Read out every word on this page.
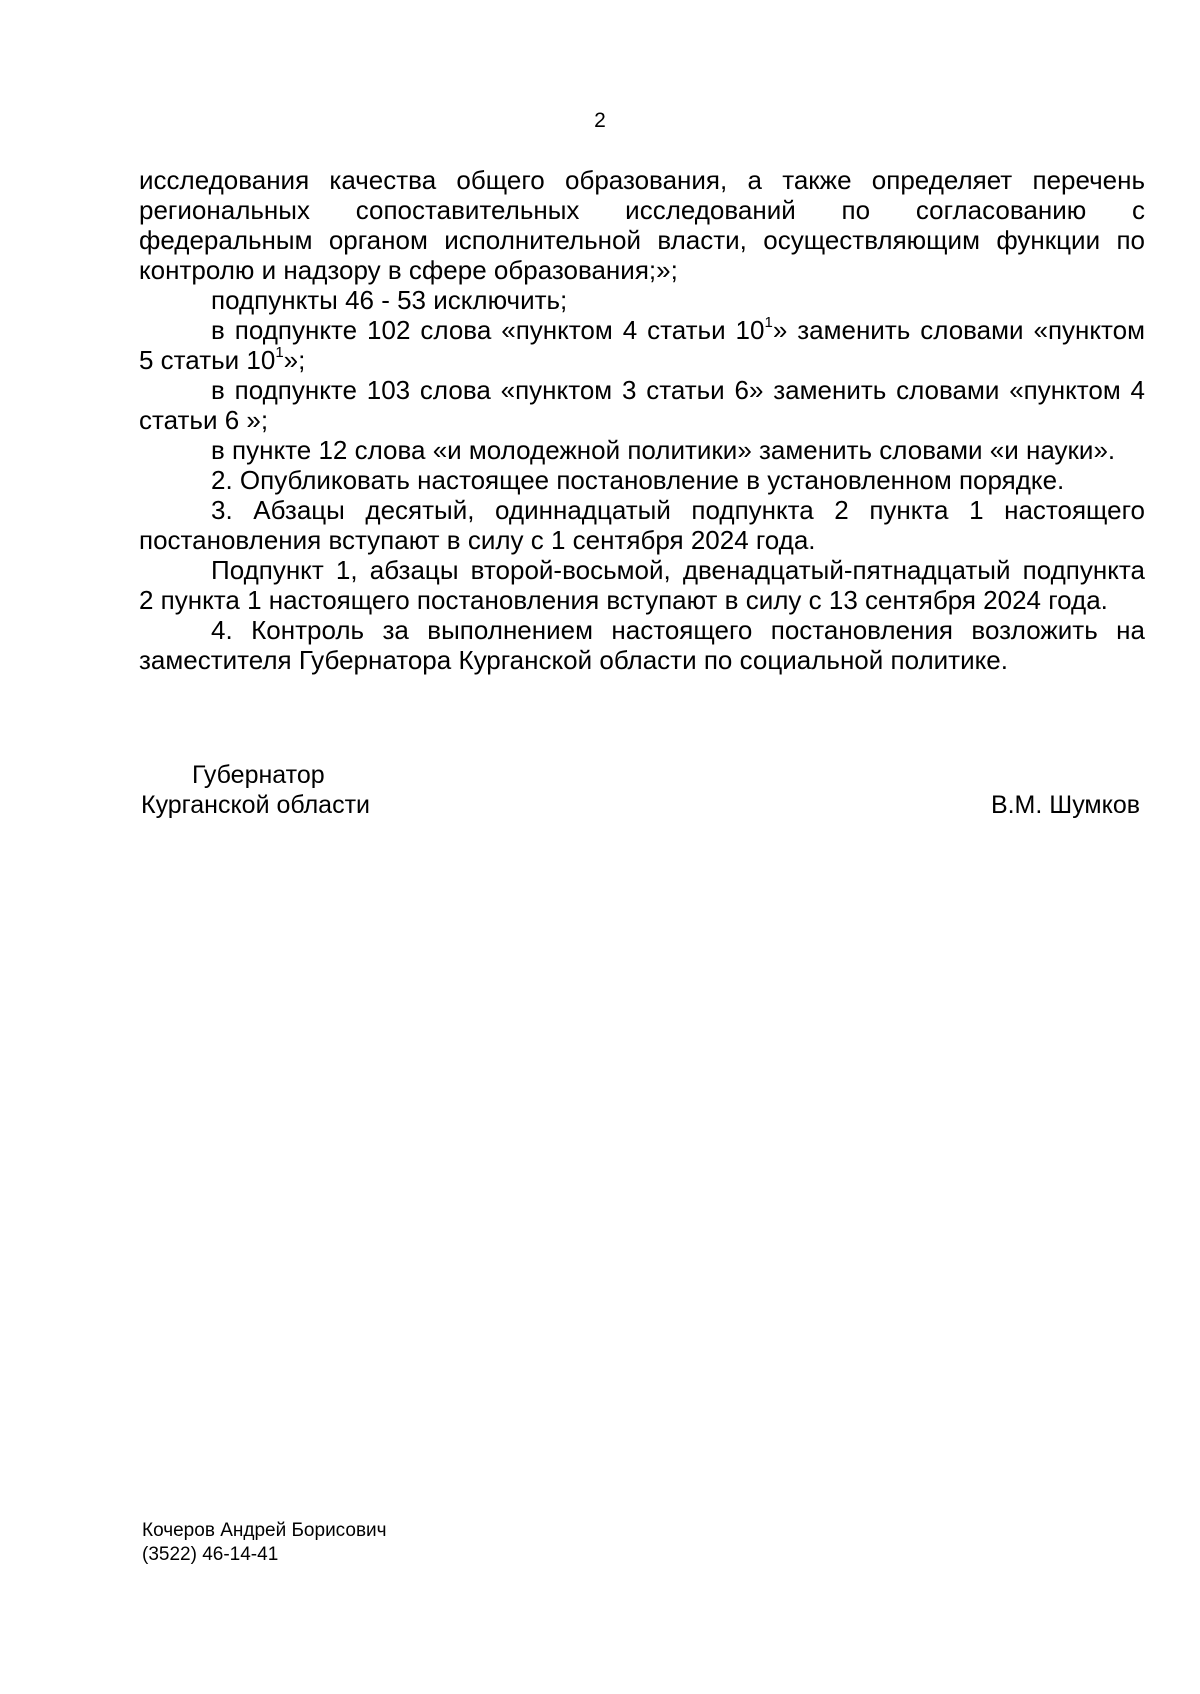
2
исследования качества общего образования, а также определяет перечень
региональных сопоставительных исследований по согласованию с
федеральным органом исполнительной власти, осуществляющим функции по
контролю и надзору в сфере образования;»;
подпункты 46 - 53 исключить;
в подпункте 102 слова «пунктом 4 статьи $10^1$» заменить словами «пунктом
5 статьи $10^1$»;
в подпункте 103 слова «пунктом 3 статьи 6» заменить словами «пунктом 4
статьи 6 »;
в пункте 12 слова «и молодежной политики» заменить словами «и науки».
2. Опубликовать настоящее постановление в установленном порядке.
3. Абзацы десятый, одиннадцатый подпункта 2 пункта 1 настоящего
постановления вступают в силу с 1 сентября 2024 года.
Подпункт 1, абзацы второй-восьмой, двенадцатый-пятнадцатый подпункта
2 пункта 1 настоящего постановления вступают в силу с 13 сентября 2024 года.
4. Контроль за выполнением настоящего постановления возложить на
заместителя Губернатора Курганской области по социальной политике.
Губернатор
Курганской области	В.М. Шумков
Кочеров Андрей Борисович
(3522) 46-14-41
